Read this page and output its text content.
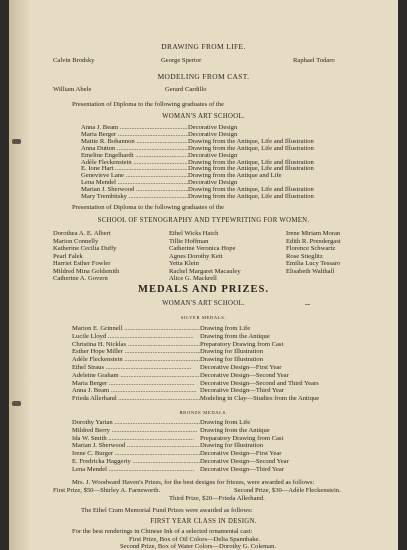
DRAWING FROM LIFE.
Calvin Brodsky	George Spertor	Raphael Todaro
MODELING FROM CAST.
William Abele	Gerard Cardillo
Presentation of Diploma to the following graduates of the
WOMAN'S ART SCHOOL.
Anna J. Beam .....	Decorative Design
Maria Berger .....	Decorative Design
Mattie R. Bohannon .....	Drawing from the Antique, Life and Illustration
Anna Dutton .....	Drawing from the Antique, Life and Illustration
Emeline Engelhardt .....	Decorative Design
Adèle Fleckenstein .....	Drawing from the Antique, Life and Illustration
E. Ione Hart .....	Drawing from the Antique, Life and Illustration
Genevieve Lane .....	Drawing from the Antique and Life
Lena Mendel .....	Decorative Design
Marian J. Sherwood .....	Drawing from the Antique, Life and Illustration
Mary Trembitsky .....	Drawing from the Antique, Life and Illustration
Presentation of Diploma to the following graduates of the
SCHOOL OF STENOGRAPHY AND TYPEWRITING FOR WOMEN.
Dorothea A. E. Albert
Marion Connelly
Katherine Cecilia Duffy
Pearl Falek
Harriet Esther Fowler
Mildred Mina Goldsmith
Catherine A. Govern
Ethel Wicks Hatch
Tillie Hoffman
Catherine Veronica Hope
Agnes Dorothy Kett
Yetta Klein
Rachel Margaret Macauley
Alice G. Mackrell
Irene Miriam Moran
Edith R. Prendergast
Florence Schwartz
Rose Stieglitz
Emilia Lucy Tessaro
Elisabeth Walthall
MEDALS AND PRIZES.
WOMAN'S ART SCHOOL.
SILVER MEDALS.
Marion E. Grinnell .....	Drawing from Life
Lucile Lloyd .....	Drawing from the Antique
Christina H. Nicklas .....	Preparatory Drawing from Cast
Esther Hope Miller .....	Drawing for Illustration
Adèle Fleckenstein .....	Drawing for Illustration
Ethel Straus .....	Decorative Design—First Year
Adeleine Graham .....	Decorative Design—Second Year
Maria Berger .....	Decorative Design—Second and Third Years
Anna J. Beam .....	Decorative Design—Third Year
Frieda Allerhand .....	Modeling in Clay—Studies from the Antique
BRONZE MEDALS.
Dorothy Yarian .....	Drawing from Life
Mildred Berry .....	Drawing from the Antique
Ida W. Smith .....	Preparatory Drawing from Cast
Marian J. Sherwood .....	Drawing for Illustration
Irene C. Burger .....	Decorative Design—First Year
E. Fredricka Haggerty .....	Decorative Design—Second Year
Lena Mendel .....	Decorative Design—Third Year
Mrs. J. Woodward Haven's Prizes, for the best designs for friezes, were awarded as follows:
First Prize, $50—Shirley A. Farnsworth.	Second Prize, $30—Adèle Fleckenstein.
Third Prize, $20—Frieda Allerhand.
The Ethel Cram Memorial Fund Prizes were awarded as follows:
FIRST YEAR CLASS IN DESIGN.
For the best renderings in Chinese Ink of a selected ornamental cast:
First Prize, Box of Oil Colors—Delia Spannbake.
Second Prize, Box of Water Colors—Dorothy G. Coleman.
